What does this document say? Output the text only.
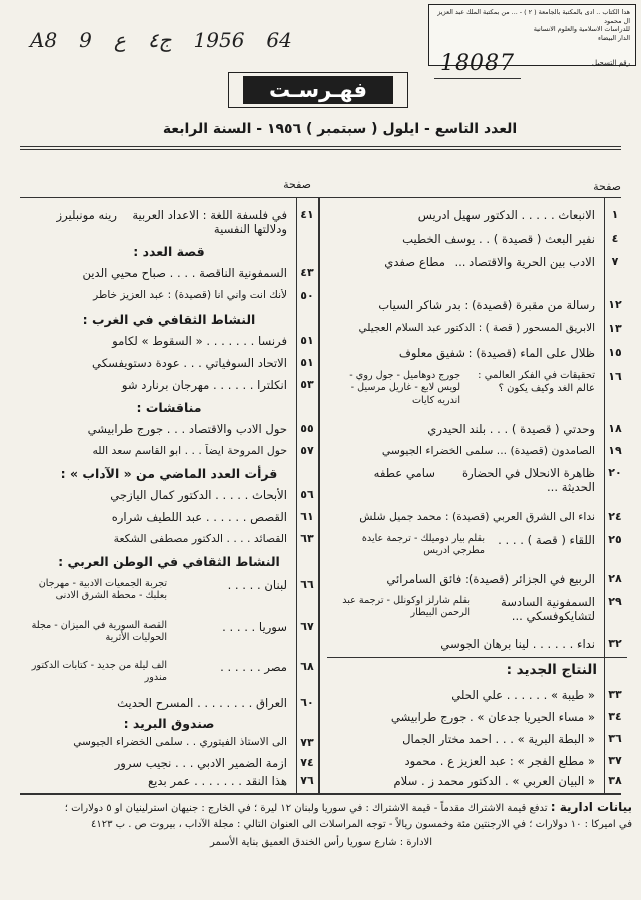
A8 9 ع ج٤ 1956 64
هدا الكتاب .. ادى بالمكتبة بالجامعة ( ٢ ) - ... من بمكتبة الملك عبد العزيز ال محمود
للدراسات الاسلامية والعلوم الانسانية
الدار البيضاء
رقم التسجيل
18087
فهـرسـت
العدد التاسع - ايلول ( سبتمبر ) ١٩٥٦ - السنة الرابعة
صفحة
صفحة
١
الانبعاث . . . . . الدكتور سهيل ادريس
٤
نفير البعث ( قصيدة ) . . يوسف الخطيب
٧
الادب بين الحرية والاقتصاد ...
مطاع صفدي
١٢
رسالة من مقبرة (قصيدة) : بدر شاكر السياب
١٣
الابريق المسحور ( قصة ) : الدكتور عبد السلام العجيلي
١٥
ظلال على الماء (قصيدة) : شفيق معلوف
١٦
تحقيقات في الفكر العالمي : عالم الغد وكيف يكون ؟
جورج دوهاميل - جول روي - لويس لابع - غاريل مرسيل - اندريه كايات
١٨
وحدتي ( قصيدة ) . . . بلند الحيدري
١٩
الصامدون (قصيدة) ... سلمى الخضراء الجيوسي
٢٠
ظاهرة الانحلال في الحضارة الحديثة ...
سامي عطفه
٢٤
نداء الى الشرق العربي (قصيدة) : محمد جميل شلش
٢٥
اللقاء ( قصة ) . . . .
بقلم بيار دوميلك - ترجمة عايدة مطرجي ادريس
٢٨
الربيع في الجزائر (قصيدة): فائق السامرائي
٢٩
السمفونية السادسة لتشايكوفسكي ...
بقلم شارلز اوكونلل - ترجمة عبد الرحمن البيطار
٣٢
نداء . . . . . . لينا برهان الجوسي
النتاج الجديد :
٣٣
« طيبة » . . . . . . علي الحلي
٣٤
« مساء الحيريا جدعان » . جورج طرابيشي
٣٦
« البطة البرية » . . . احمد مختار الجمال
٣٧
« مطلع الفجر » : عبد العزيز ع . محمود
٣٨
« البيان العربي » . الدكتور محمد ز . سلام
٤١
في فلسفة اللغة : الاعداد العربية ودلالتها النفسية
رينه مونبليرز
قصة العدد :
٤٣
السمفونية الناقصة . . . . صباح محيي الدين
٥٠
لأنك انت واني انا (قصيدة) : عبد العزيز خاطر
النشاط الثقافي في الغرب :
٥١
فرنسا . . . . . . . « السقوط » لكامو
٥١
الاتحاد السوفياتي . . . عودة دستويفسكي
٥٣
انكلترا . . . . . . مهرجان برنارد شو
مناقشات :
٥٥
حول الادب والاقتصاد . . . جورج طرابيشي
٥٧
حول المروحة ايضاً . . . ابو القاسم سعد الله
قرأت العدد الماضي من « الآداب » :
٥٦
الأبحاث . . . . . الدكتور كمال اليازجي
٦١
القصص . . . . . . عبد اللطيف شراره
٦٣
القصائد . . . . الدكتور مصطفى الشكعة
النشاط الثقافي في الوطن العربي :
٦٦
لبنان . . . . .
تجربة الجمعيات الادبية - مهرجان بعلبك - محطة الشرق الادنى
٦٧
سوريا . . . . .
القصة السورية في الميزان - مجلة الحوليات الأثرية
٦٨
مصر . . . . . .
الف ليلة من جديد - كتابات الدكتور مندور
٦٠
العراق . . . . . . . . المسرح الحديث
صندوق البريد :
٧٣
الى الاستاذ الفيتوري . . سلمى الخضراء الجيوسي
٧٤
ازمة الضمير الادبي . . . نجيب سرور
٧٦
هذا النقد . . . . . . . عمر بديع
بيانات ادارية : تدفع قيمة الاشتراك مقدماً - قيمة الاشتراك : في سوريا ولبنان ١٢ ليرة ؛ في الخارج : جنيهان استرلينيان او ٥ دولارات ؛
في اميركا : ١٠ دولارات ؛ في الارجنتين مئة وخمسون ريالاً - توجه المراسلات الى العنوان التالي : مجلة الآداب ، بيروت ص . ب ٤١٢٣
الادارة : شارع سوريا رأس الخندق العميق بناية الأسمر
